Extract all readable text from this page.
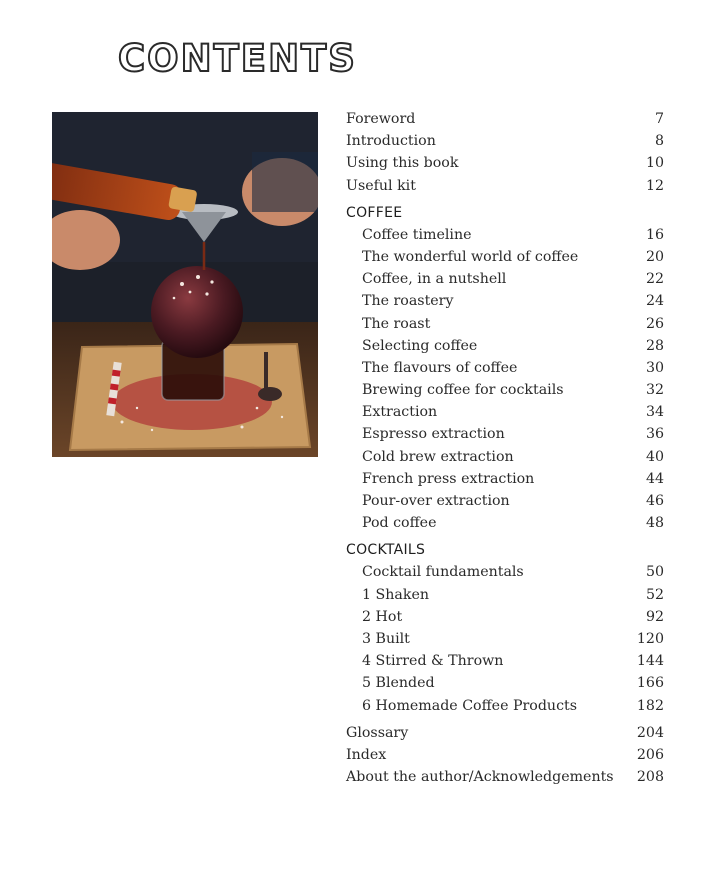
CONTENTS
Foreword	7
Introduction	8
Using this book	10
Useful kit	12
COFFEE
Coffee timeline	16
The wonderful world of coffee	20
Coffee, in a nutshell	22
The roastery	24
The roast	26
Selecting coffee	28
The flavours of coffee	30
Brewing coffee for cocktails	32
Extraction	34
Espresso extraction	36
Cold brew extraction	40
French press extraction	44
Pour-over extraction	46
Pod coffee	48
COCKTAILS
Cocktail fundamentals	50
1 Shaken	52
2 Hot	92
3 Built	120
4 Stirred & Thrown	144
5 Blended	166
6 Homemade Coffee Products	182
Glossary	204
Index	206
About the author/Acknowledgements 208
